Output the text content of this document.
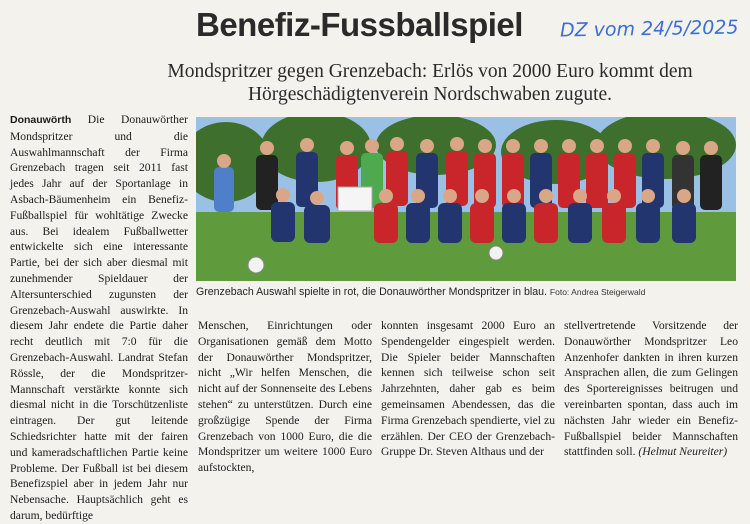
Benefiz-Fussballspiel DZ vom 24/5/2025
Mondspritzer gegen Grenzebach: Erlös von 2000 Euro kommt dem Hörgeschädigtenverein Nordschwaben zugute.
Donauwörth Die Donauwörther Mondspritzer und die Auswahlmannschaft der Firma Grenzebach tragen seit 2011 fast jedes Jahr auf der Sportanlage in Asbach-Bäumenheim ein Benefiz-Fußballspiel für wohltätige Zwecke aus. Bei idealem Fußballwetter entwickelte sich eine interessante Partie, bei der sich aber diesmal mit zunehmender Spieldauer der Altersunterschied zugunsten der Grenzebach-Auswahl auswirkte. In diesem Jahr endete die Partie daher recht deutlich mit 7:0 für die Grenzebach-Auswahl. Landrat Stefan Rössle, der die Mondspritzer-Mannschaft verstärkte konnte sich diesmal nicht in die Torschützenliste eintragen. Der gut leitende Schiedsrichter hatte mit der fairen und kameradschaftlichen Partie keine Probleme. Der Fußball ist bei diesem Benefizspiel aber in jedem Jahr nur Nebensache. Hauptsächlich geht es darum, bedürftige
Grenzebach Auswahl spielte in rot, die Donauwörther Mondspritzer in blau. Foto: Andrea Steigerwald
Menschen, Einrichtungen oder Organisationen gemäß dem Motto der Donauwörther Mondspritzer, nicht „Wir helfen Menschen, die nicht auf der Sonnenseite des Lebens stehen“ zu unterstützen. Durch eine großzügige Spende der Firma Grenzebach von 1000 Euro, die die Mondspritzer um weitere 1000 Euro aufstockten,
konnten insgesamt 2000 Euro an Spendengelder eingespielt werden. Die Spieler beider Mannschaften kennen sich teilweise schon seit Jahrzehnten, daher gab es beim gemeinsamen Abendessen, das die Firma Grenzebach spendierte, viel zu erzählen. Der CEO der Grenzebach-Gruppe Dr. Steven Althaus und der
stellvertretende Vorsitzende der Donauwörther Mondspritzer Leo Anzenhofer dankten in ihren kurzen Ansprachen allen, die zum Gelingen des Sportereignisses beitrugen und vereinbarten spontan, dass auch im nächsten Jahr wieder ein Benefiz-Fußballspiel beider Mannschaften stattfinden soll. (Helmut Neureiter)
